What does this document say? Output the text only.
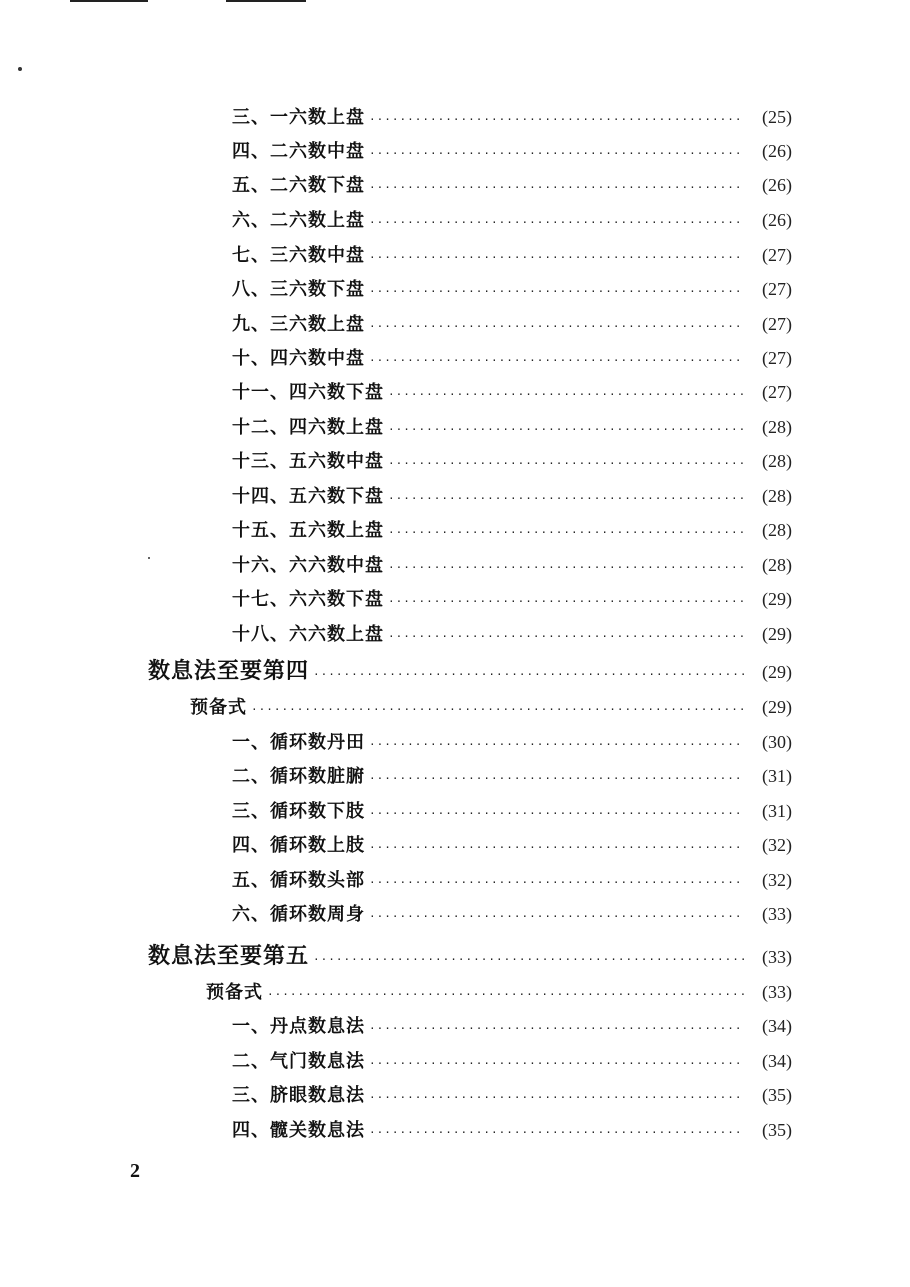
三、一六数上盘 ·····	(25)
四、二六数中盘 ·····	(26)
五、二六数下盘 ·····	(26)
六、二六数上盘 ·····	(26)
七、三六数中盘 ·····	(27)
八、三六数下盘 ·····	(27)
九、三六数上盘 ·····	(27)
十、四六数中盘 ·····	(27)
十一、四六数下盘 ·····	(27)
十二、四六数上盘 ·····	(28)
十三、五六数中盘 ·····	(28)
十四、五六数下盘 ·····	(28)
十五、五六数上盘 ·····	(28)
十六、六六数中盘 ·····	(28)
十七、六六数下盘 ·····	(29)
十八、六六数上盘 ·····	(29)
数息法至要第四 ·····	(29)
预备式 ·····	(29)
一、循环数丹田 ·····	(30)
二、循环数脏腑 ·····	(31)
三、循环数下肢 ·····	(31)
四、循环数上肢 ·····	(32)
五、循环数头部 ·····	(32)
六、循环数周身 ·····	(33)
数息法至要第五 ·····	(33)
预备式 ·····	(33)
一、丹点数息法 ·····	(34)
二、气门数息法 ·····	(34)
三、脐眼数息法 ·····	(35)
四、髋关数息法 ·····	(35)
2
